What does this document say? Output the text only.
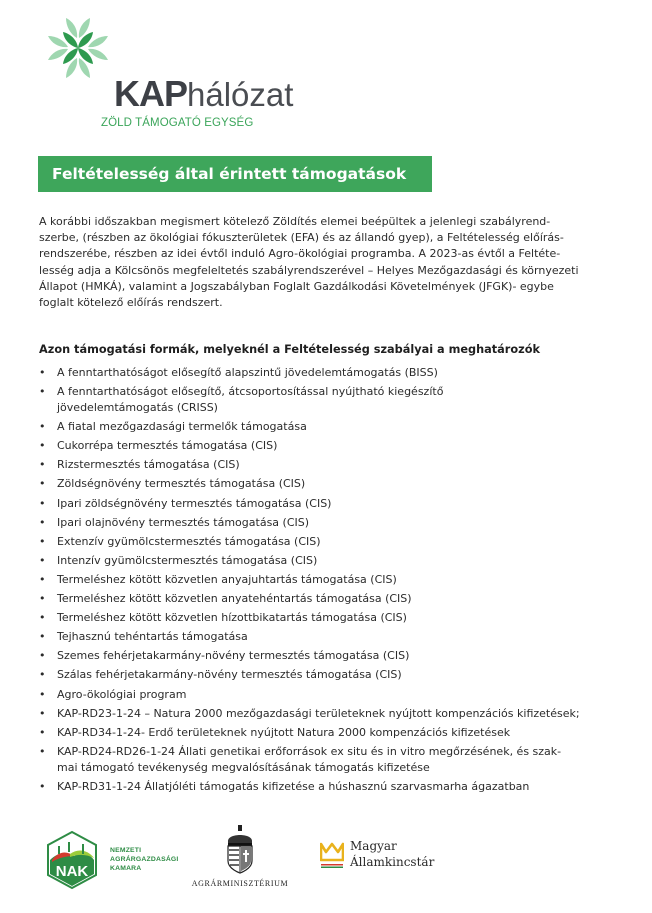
KAPhálózat
ZÖLD TÁMOGATÓ EGYSÉG
Feltételesség által érintett támogatások

A korábbi időszakban megismert kötelező Zöldítés elemei beépültek a jelenlegi szabályrend-
szerbe, (részben az ökológiai fókuszterületek (EFA) és az állandó gyep), a Feltételesség előírás-
rendszerébe, részben az idei évtől induló Agro-ökológiai programba. A 2023-as évtől a Feltéte-
lesség adja a Kölcsönös megfeleltetés szabályrendszerével – Helyes Mezőgazdasági és környezeti
Állapot (HMKÁ), valamint a Jogszabályban Foglalt Gazdálkodási Követelmények (JFGK)- egybe
foglalt kötelező előírás rendszert.

Azon támogatási formák, melyeknél a Feltételesség szabályai a meghatározók
• A fenntarthatóságot elősegítő alapszintű jövedelemtámogatás (BISS)
• A fenntarthatóságot elősegítő, átcsoportosítással nyújtható kiegészítő
jövedelemtámogatás (CRISS)
• A fiatal mezőgazdasági termelők támogatása
• Cukorrépa termesztés támogatása (CIS)
• Rizstermesztés támogatása (CIS)
• Zöldségnövény termesztés támogatása (CIS)
• Ipari zöldségnövény termesztés támogatása (CIS)
• Ipari olajnövény termesztés támogatása (CIS)
• Extenzív gyümölcstermesztés támogatása (CIS)
• Intenzív gyümölcstermesztés támogatása (CIS)
• Termeléshez kötött közvetlen anyajuhtartás támogatása (CIS)
• Termeléshez kötött közvetlen anyatehéntartás támogatása (CIS)
• Termeléshez kötött közvetlen hízottbikatartás támogatása (CIS)
• Tejhasznú tehéntartás támogatása
• Szemes fehérjetakarmány-növény termesztés támogatása (CIS)
• Szálas fehérjetakarmány-növény termesztés támogatása (CIS)
• Agro-ökológiai program
• KAP-RD23-1-24 – Natura 2000 mezőgazdasági területeknek nyújtott kompenzációs kifizetések;
• KAP-RD34-1-24- Erdő területeknek nyújtott Natura 2000 kompenzációs kifizetések
• KAP-RD24-RD26-1-24 Állati genetikai erőforrások ex situ és in vitro megőrzésének, és szak-
mai támogató tevékenység megvalósításának támogatás kifizetése
• KAP-RD31-1-24 Állatjóléti támogatás kifizetése a húshasznú szarvasmarha ágazatban
NAK
NEMZETI
AGRÁRGAZDASÁGI
KAMARA
AGRÁRMINISZTÉRIUM
Magyar
Államkincstár
